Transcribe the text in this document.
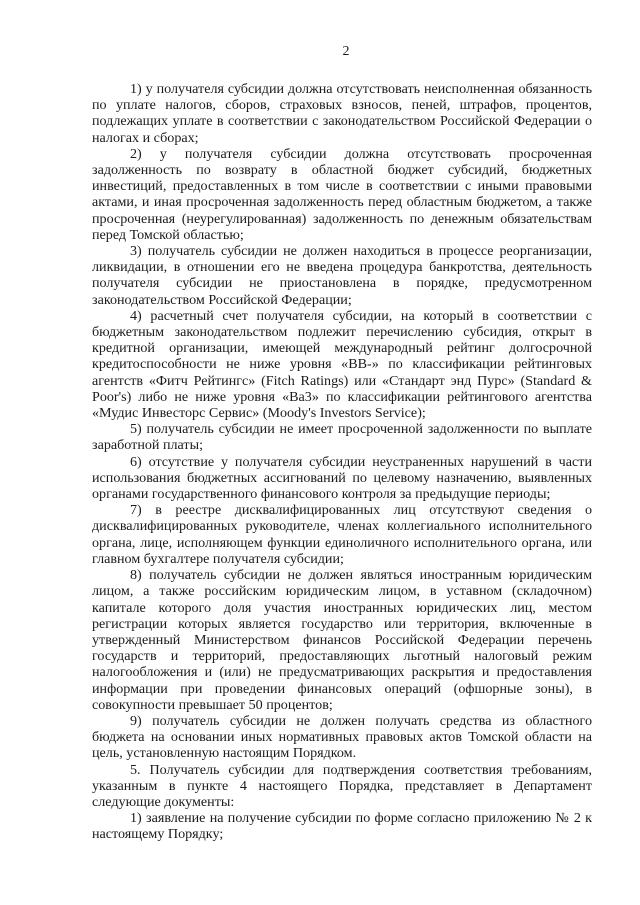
2

1) у получателя субсидии должна отсутствовать неисполненная обязанность по уплате налогов, сборов, страховых взносов, пеней, штрафов, процентов, подлежащих уплате в соответствии с законодательством Российской Федерации о налогах и сборах;

2) у получателя субсидии должна отсутствовать просроченная задолженность по возврату в областной бюджет субсидий, бюджетных инвестиций, предоставленных в том числе в соответствии с иными правовыми актами, и иная просроченная задолженность перед областным бюджетом, а также просроченная (неурегулированная) задолженность по денежным обязательствам перед Томской областью;

3) получатель субсидии не должен находиться в процессе реорганизации, ликвидации, в отношении его не введена процедура банкротства, деятельность получателя субсидии не приостановлена в порядке, предусмотренном законодательством Российской Федерации;

4) расчетный счет получателя субсидии, на который в соответствии с бюджетным законодательством подлежит перечислению субсидия, открыт в кредитной организации, имеющей международный рейтинг долгосрочной кредитоспособности не ниже уровня «BB-» по классификации рейтинговых агентств «Фитч Рейтингс» (Fitch Ratings) или «Стандарт энд Пурс» (Standard & Poor's) либо не ниже уровня «Ba3» по классификации рейтингового агентства «Мудис Инвесторс Сервис» (Moody's Investors Service);

5) получатель субсидии не имеет просроченной задолженности по выплате заработной платы;

6) отсутствие у получателя субсидии неустраненных нарушений в части использования бюджетных ассигнований по целевому назначению, выявленных органами государственного финансового контроля за предыдущие периоды;

7) в реестре дисквалифицированных лиц отсутствуют сведения о дисквалифицированных руководителе, членах коллегиального исполнительного органа, лице, исполняющем функции единоличного исполнительного органа, или главном бухгалтере получателя субсидии;

8) получатель субсидии не должен являться иностранным юридическим лицом, а также российским юридическим лицом, в уставном (складочном) капитале которого доля участия иностранных юридических лиц, местом регистрации которых является государство или территория, включенные в утвержденный Министерством финансов Российской Федерации перечень государств и территорий, предоставляющих льготный налоговый режим налогообложения и (или) не предусматривающих раскрытия и предоставления информации при проведении финансовых операций (офшорные зоны), в совокупности превышает 50 процентов;

9) получатель субсидии не должен получать средства из областного бюджета на основании иных нормативных правовых актов Томской области на цель, установленную настоящим Порядком.

5. Получатель субсидии для подтверждения соответствия требованиям, указанным в пункте 4 настоящего Порядка, представляет в Департамент следующие документы:

1) заявление на получение субсидии по форме согласно приложению № 2 к настоящему Порядку;
